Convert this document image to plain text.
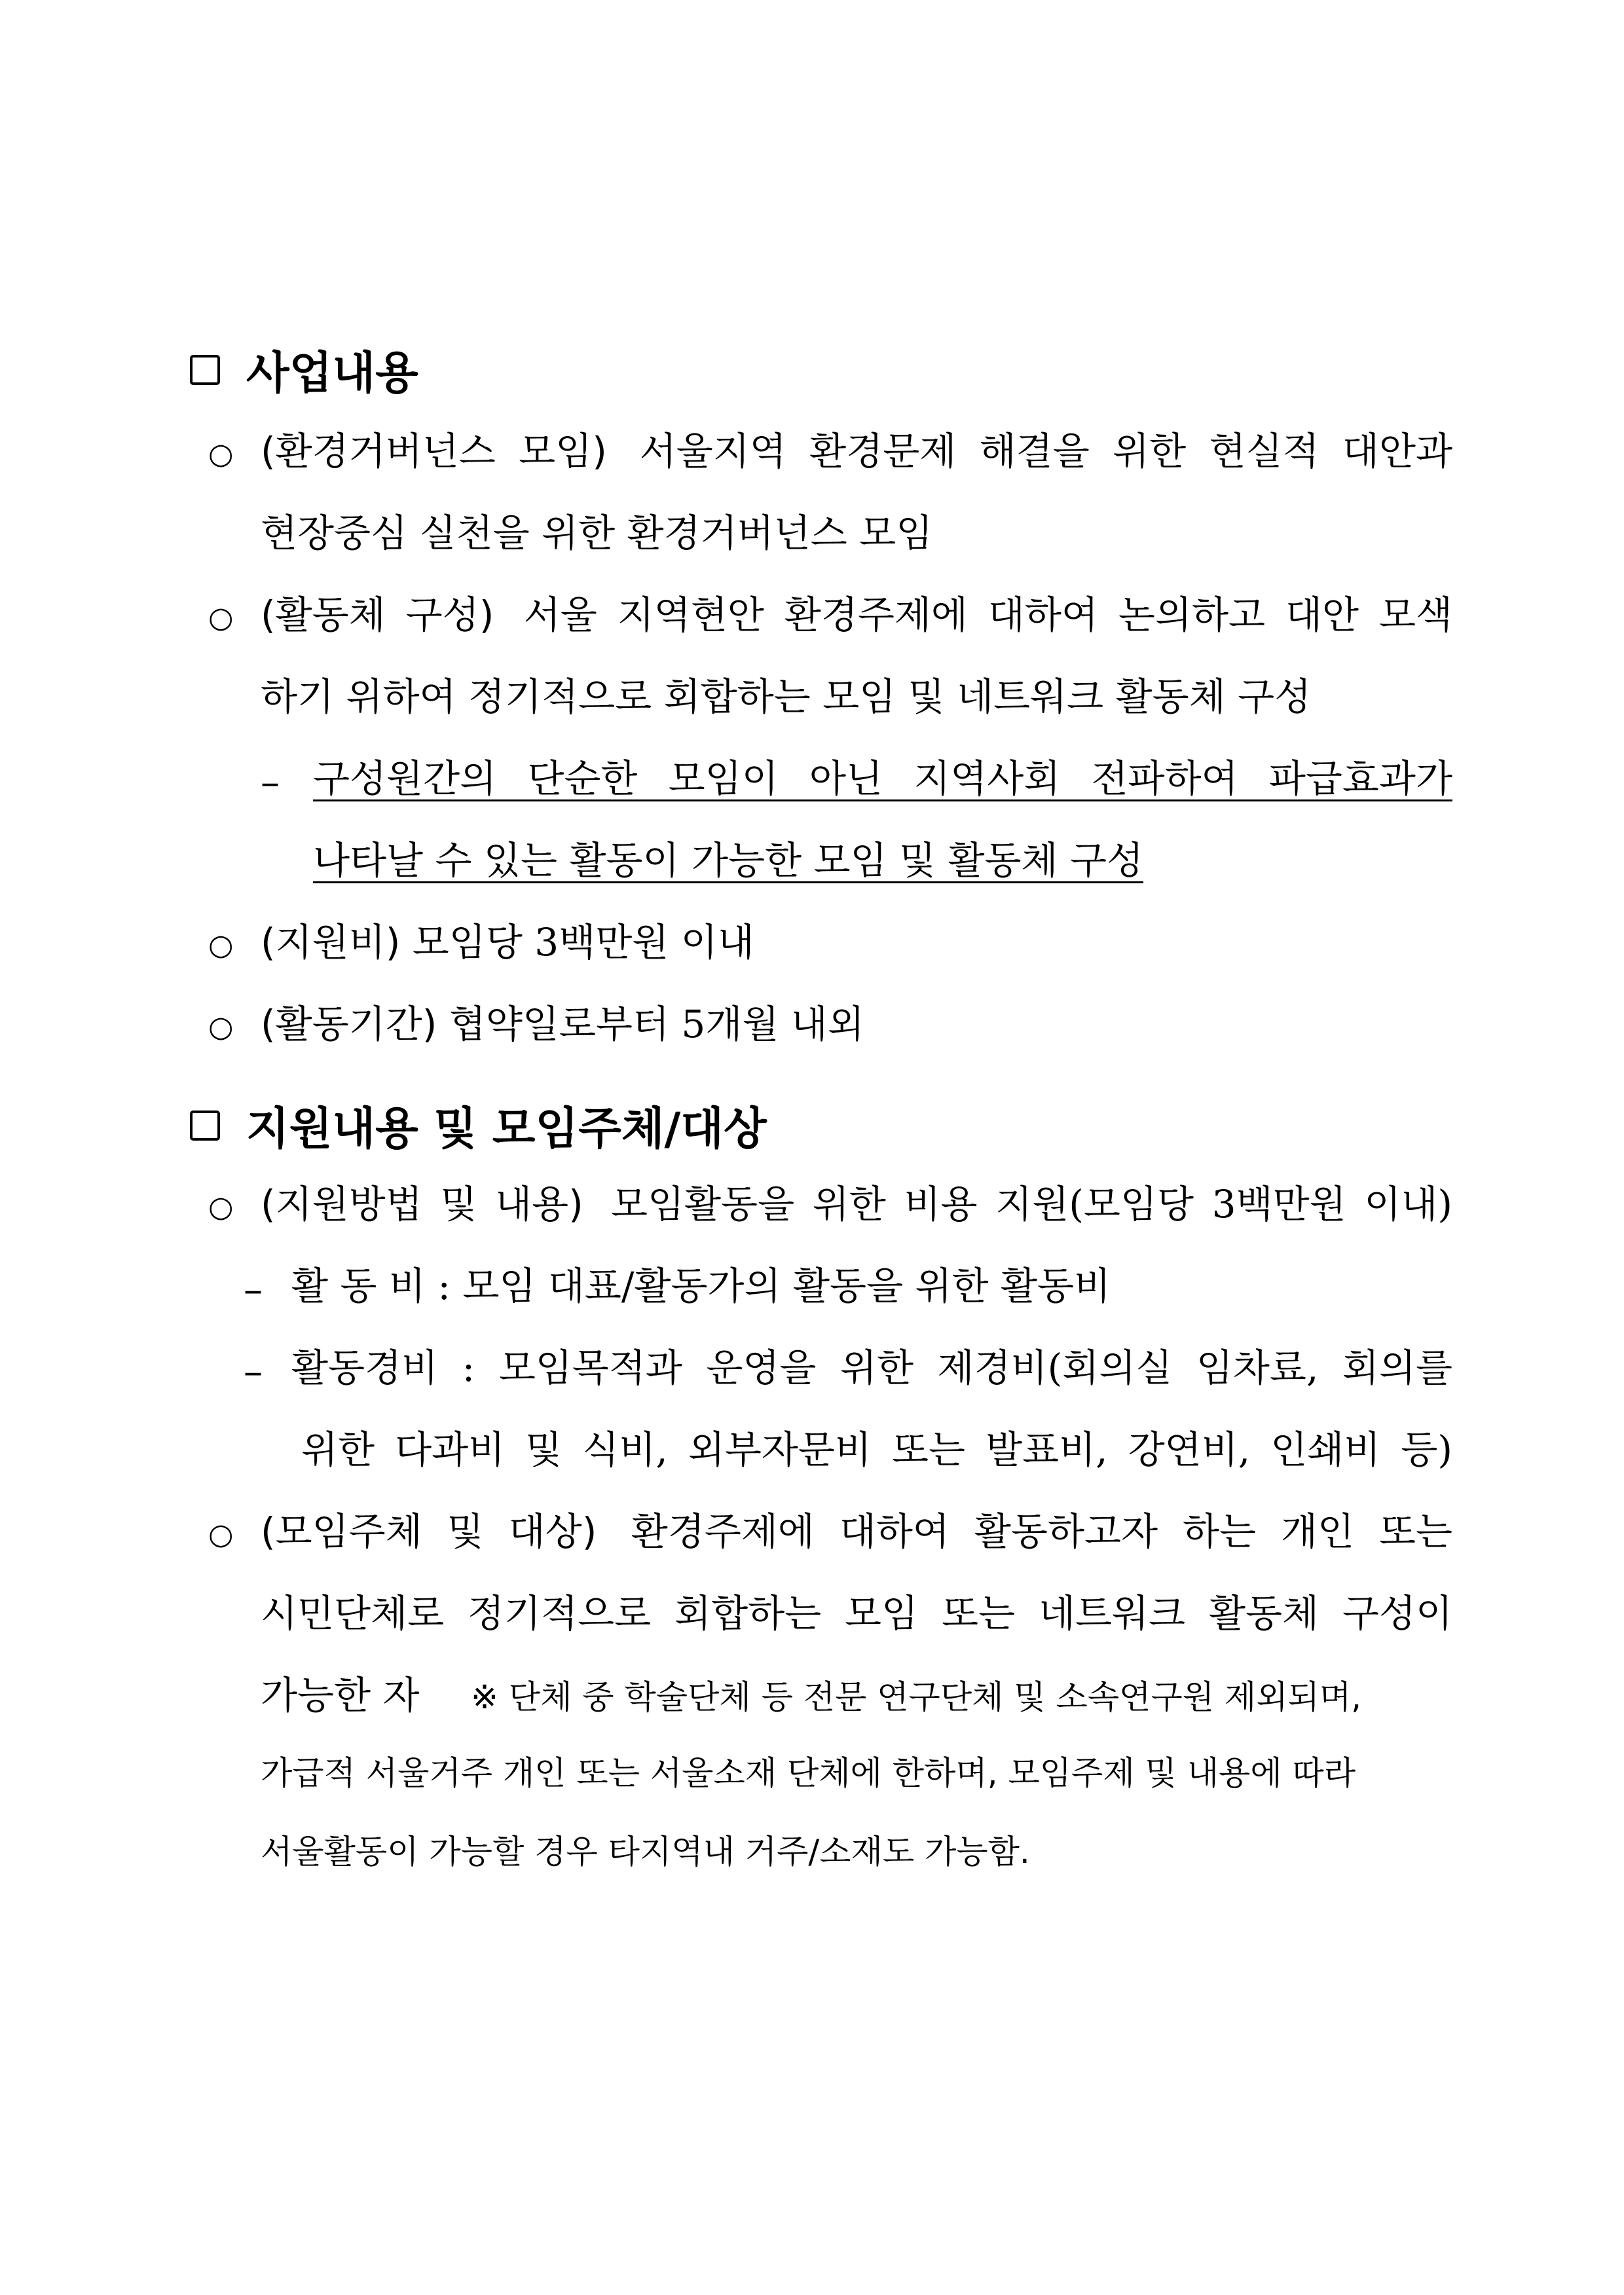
사업내용
○ (환경거버넌스 모임) 서울지역 환경문제 해결을 위한 현실적 대안과
현장중심 실천을 위한 환경거버넌스 모임
○ (활동체 구성) 서울 지역현안 환경주제에 대하여 논의하고 대안 모색
하기 위하여 정기적으로 회합하는 모임 및 네트워크 활동체 구성
– 구성원간의 단순한 모임이 아닌 지역사회 전파하여 파급효과가
나타날 수 있는 활동이 가능한 모임 및 활동체 구성
○ (지원비) 모임당 3백만원 이내
○ (활동기간) 협약일로부터 5개월 내외
지원내용 및 모임주체/대상
○ (지원방법 및 내용) 모임활동을 위한 비용 지원(모임당 3백만원 이내)
– 활 동 비 : 모임 대표/활동가의 활동을 위한 활동비
– 활동경비 : 모임목적과 운영을 위한 제경비(회의실 임차료, 회의를
위한 다과비 및 식비, 외부자문비 또는 발표비, 강연비, 인쇄비 등)
○ (모임주체 및 대상) 환경주제에 대하여 활동하고자 하는 개인 또는
시민단체로 정기적으로 회합하는 모임 또는 네트워크 활동체 구성이
가능한 자 ※ 단체 중 학술단체 등 전문 연구단체 및 소속연구원 제외되며,
가급적 서울거주 개인 또는 서울소재 단체에 한하며, 모임주제 및 내용에 따라
서울활동이 가능할 경우 타지역내 거주/소재도 가능함.
